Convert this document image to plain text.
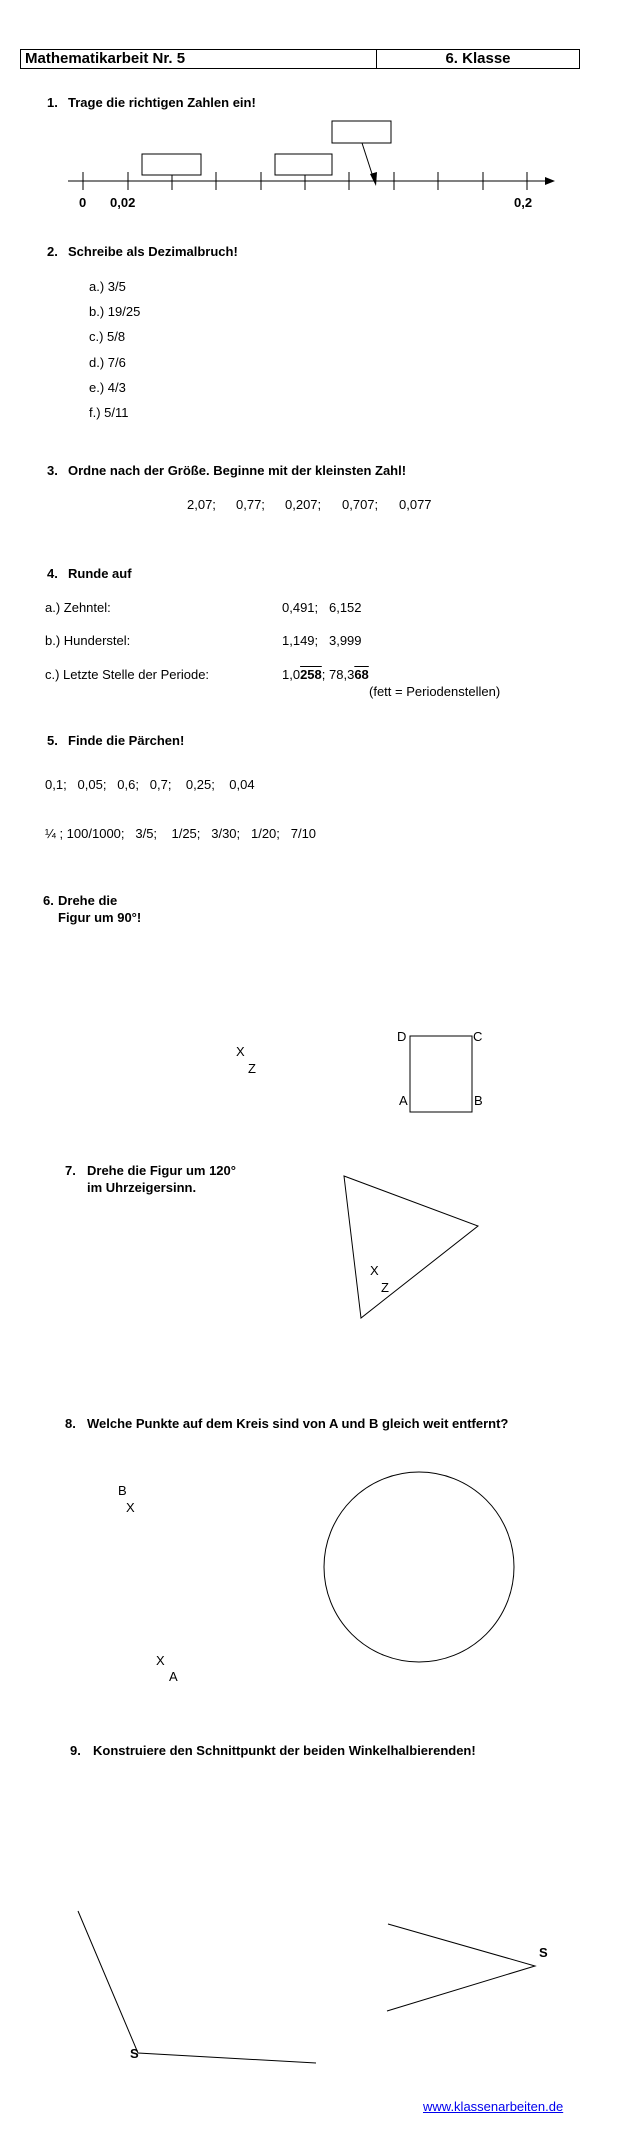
Mathematikarbeit Nr. 5	6. Klasse
1. Trage die richtigen Zahlen ein!
0 0,02	0,2
2. Schreibe als Dezimalbruch!
a.) 3/5
b.) 19/25
c.) 5/8
d.) 7/6
e.) 4/3
f.) 5/11
3. Ordne nach der Größe. Beginne mit der kleinsten Zahl!
2,07; 0,77; 0,207; 0,707; 0,077
4. Runde auf
a.) Zehntel:	0,491;   6,152
b.) Hunderstel:	1,149;   3,999
c.) Letzte Stelle der Periode:	1,0258; 78,368
(fett = Periodenstellen)
5. Finde die Pärchen!
0,1;   0,05;   0,6;   0,7;    0,25;    0,04
¼ ; 100/1000;   3/5;    1/25;   3/30;   1/20;   7/10
6. Drehe die
Figur um 90°!
X
Z
D	C
A	B
7. Drehe die Figur um 120°
im Uhrzeigersinn.
X
Z
8. Welche Punkte auf dem Kreis sind von A und B gleich weit entfernt?
B
X
X
A
9. Konstruiere den Schnittpunkt der beiden Winkelhalbierenden!
S
S
www.klassenarbeiten.de
